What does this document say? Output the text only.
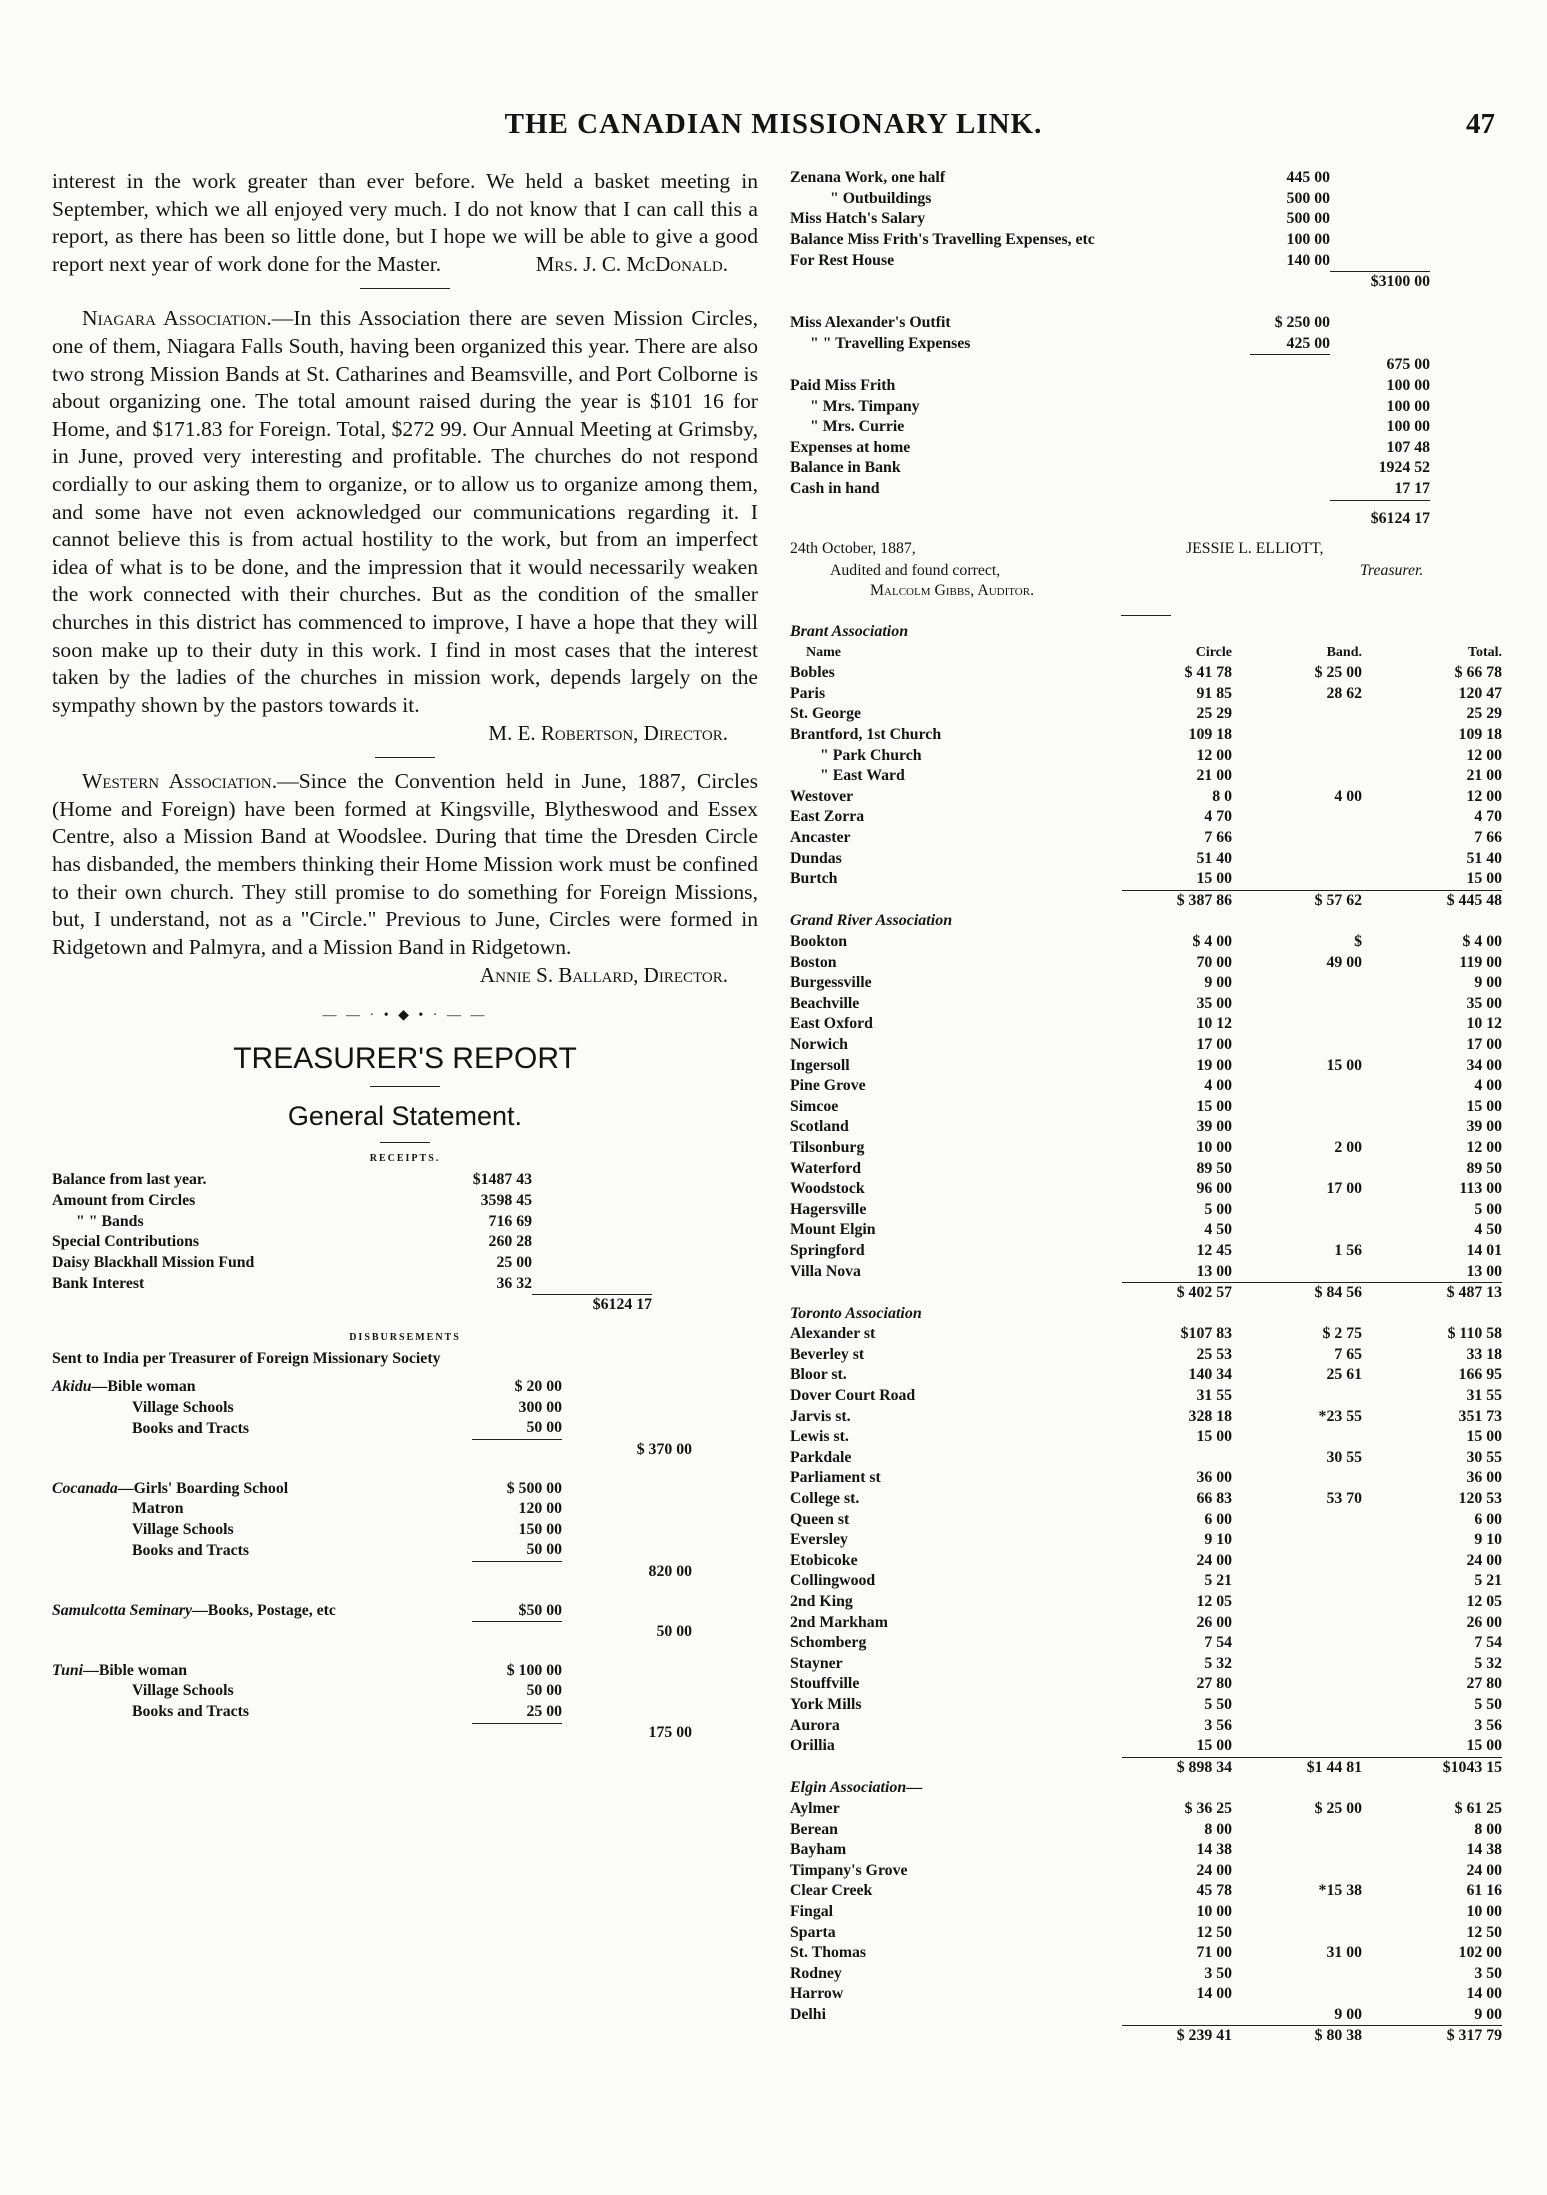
THE CANADIAN MISSIONARY LINK.	47

interest in the work greater than ever before. We held a basket meeting in September, which we all enjoyed very much. I do not know that I can call this a report, as there has been so little done, but I hope we will be able to give a good report next year of work done for the Master.	Mrs. J. C. McDonald.

Niagara Association.—In this Association there are seven Mission Circles, one of them, Niagara Falls South, having been organized this year. There are also two strong Mission Bands at St. Catharines and Beamsville, and Port Colborne is about organizing one. The total amount raised during the year is $101 16 for Home, and $171.83 for Foreign. Total, $272 99. Our Annual Meeting at Grimsby, in June, proved very interesting and profitable. The churches do not respond cordially to our asking them to organize, or to allow us to organize among them, and some have not even acknowledged our communications regarding it. I cannot believe this is from actual hostility to the work, but from an imperfect idea of what is to be done, and the impression that it would necessarily weaken the work connected with their churches. But as the condition of the smaller churches in this district has commenced to improve, I have a hope that they will soon make up to their duty in this work. I find in most cases that the interest taken by the ladies of the churches in mission work, depends largely on the sympathy shown by the pastors towards it.

M. E. Robertson, Director.

Western Association.—Since the Convention held in June, 1887, Circles (Home and Foreign) have been formed at Kingsville, Blytheswood and Essex Centre, also a Mission Band at Woodslee. During that time the Dresden Circle has disbanded, the members thinking their Home Mission work must be confined to their own church. They still promise to do something for Foreign Missions, but, I understand, not as a "Circle." Previous to June, Circles were formed in Ridgetown and Palmyra, and a Mission Band in Ridgetown.

Annie S. Ballard, Director.
— — · • ◆ • · — —
TREASURER'S REPORT
General Statement.
RECEIPTS.
Balance from last year.	$1487 43	
Amount from Circles	3598 45	
" " Bands	716 69	
Special Contributions	260 28	
Daisy Blackhall Mission Fund	25 00	
Bank Interest	36 32	
		$6124 17
DISBURSEMENTS
Sent to India per Treasurer of Foreign Missionary Society
Akidu—Bible woman	$ 20 00	
Village Schools	300 00	
Books and Tracts	50 00	
		$ 370 00
Cocanada—Girls' Boarding School	$ 500 00	
Matron	120 00	
Village Schools	150 00	
Books and Tracts	50 00	
		820 00
Samulcotta Seminary—Books, Postage, etc	$50 00	
		50 00
Tuni—Bible woman	$ 100 00	
Village Schools	50 00	
Books and Tracts	25 00	
		175 00
Zenana Work, one half	445 00	
" Outbuildings	500 00	
Miss Hatch's Salary	500 00	
Balance Miss Frith's Travelling Expenses, etc	100 00	
For Rest House	140 00	
		$3100 00

Miss Alexander's Outfit	$ 250 00	
" " Travelling Expenses	425 00	
		675 00
Paid Miss Frith		100 00
" Mrs. Timpany		100 00
" Mrs. Currie		100 00
Expenses at home		107 48
Balance in Bank		1924 52
Cash in hand		17 17
		$6124 17
24th October, 1887,	JESSIE L. ELLIOTT,
Audited and found correct,	Treasurer.
Malcolm Gibbs, Auditor.
Brant Association			
Name	Circle	Band.	Total.
Bobles	$ 41 78	$ 25 00	$ 66 78
Paris	91 85	28 62	120 47
St. George	25 29		25 29
Brantford, 1st Church	109 18		109 18
" Park Church	12 00		12 00
" East Ward	21 00		21 00
Westover	8 0	4 00	12 00
East Zorra	4 70		4 70
Ancaster	7 66		7 66
Dundas	51 40		51 40
Burtch	15 00		15 00
	$ 387 86	$ 57 62	$ 445 48
Grand River Association			
Bookton	$ 4 00	$	$ 4 00
Boston	70 00	49 00	119 00
Burgessville	9 00		9 00
Beachville	35 00		35 00
East Oxford	10 12		10 12
Norwich	17 00		17 00
Ingersoll	19 00	15 00	34 00
Pine Grove	4 00		4 00
Simcoe	15 00		15 00
Scotland	39 00		39 00
Tilsonburg	10 00	2 00	12 00
Waterford	89 50		89 50
Woodstock	96 00	17 00	113 00
Hagersville	5 00		5 00
Mount Elgin	4 50		4 50
Springford	12 45	1 56	14 01
Villa Nova	13 00		13 00
	$ 402 57	$ 84 56	$ 487 13
Toronto Association			
Alexander st	$107 83	$ 2 75	$ 110 58
Beverley st	25 53	7 65	33 18
Bloor st.	140 34	25 61	166 95
Dover Court Road	31 55		31 55
Jarvis st.	328 18	*23 55	351 73
Lewis st.	15 00		15 00
Parkdale		30 55	30 55
Parliament st	36 00		36 00
College st.	66 83	53 70	120 53
Queen st	6 00		6 00
Eversley	9 10		9 10
Etobicoke	24 00		24 00
Collingwood	5 21		5 21
2nd King	12 05		12 05
2nd Markham	26 00		26 00
Schomberg	7 54		7 54
Stayner	5 32		5 32
Stouffville	27 80		27 80
York Mills	5 50		5 50
Aurora	3 56		3 56
Orillia	15 00		15 00
	$ 898 34	$1 44 81	$1043 15
Elgin Association—			
Aylmer	$ 36 25	$ 25 00	$ 61 25
Berean	8 00		8 00
Bayham	14 38		14 38
Timpany's Grove	24 00		24 00
Clear Creek	45 78	*15 38	61 16
Fingal	10 00		10 00
Sparta	12 50		12 50
St. Thomas	71 00	31 00	102 00
Rodney	3 50		3 50
Harrow	14 00		14 00
Delhi		9 00	9 00
	$ 239 41	$ 80 38	$ 317 79
